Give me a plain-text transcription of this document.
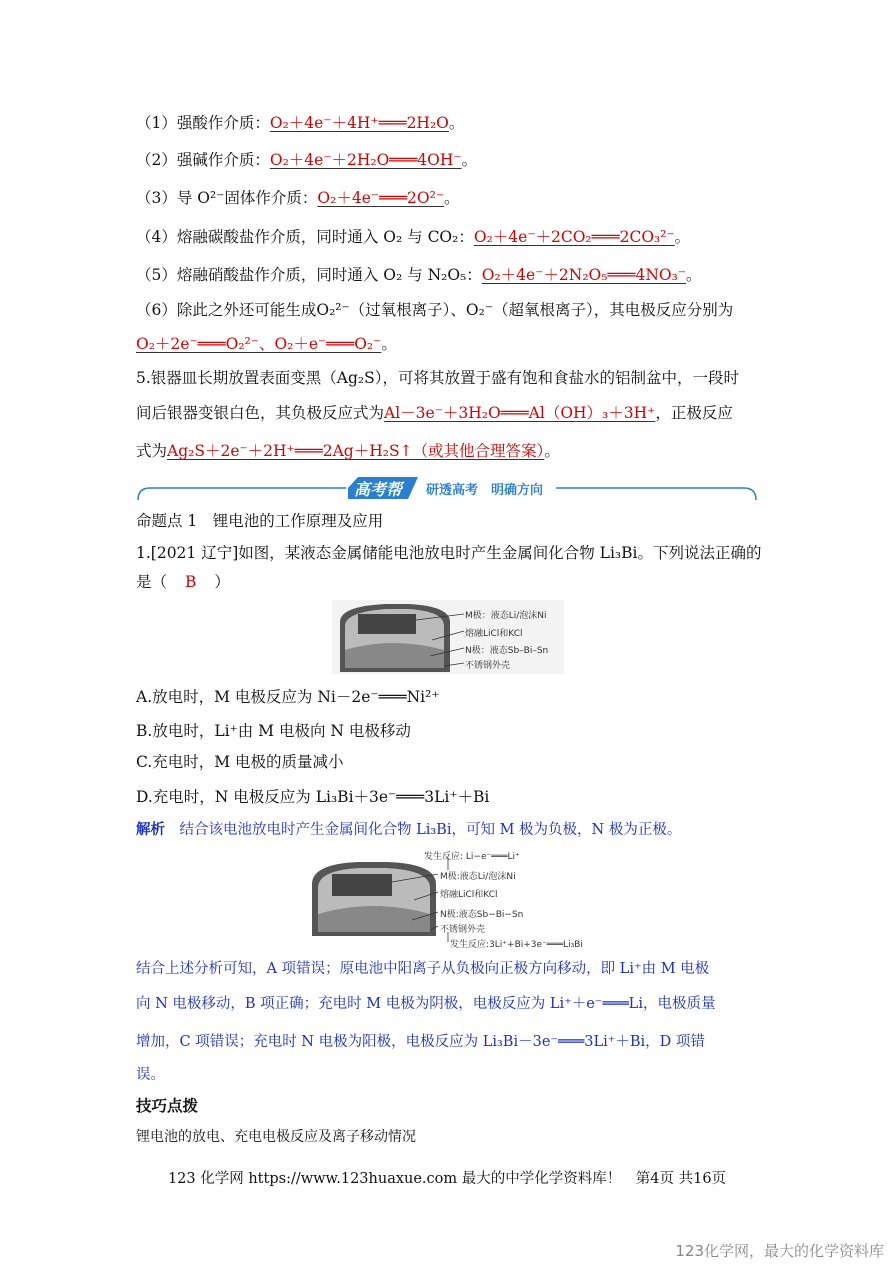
（1）强酸作介质：O₂＋4e⁻＋4H⁺═══2H₂O。
（2）强碱作介质：O₂＋4e⁻＋2H₂O═══4OH⁻。
（3）导 O²⁻固体作介质：O₂＋4e⁻═══2O²⁻。
（4）熔融碳酸盐作介质，同时通入 O₂ 与 CO₂：O₂＋4e⁻＋2CO₂═══2CO₃²⁻。
（5）熔融硝酸盐作介质，同时通入 O₂ 与 N₂O₅：O₂＋4e⁻＋2N₂O₅═══4NO₃⁻。
（6）除此之外还可能生成O₂²⁻（过氧根离子）、O₂⁻（超氧根离子），其电极反应分别为
O₂＋2e⁻═══O₂²⁻、O₂＋e⁻═══O₂⁻。
5.银器皿长期放置表面变黑（Ag₂S），可将其放置于盛有饱和食盐水的铝制盆中，一段时
间后银器变银白色，其负极反应式为Al－3e⁻＋3H₂O═══Al（OH）₃＋3H⁺，正极反应
式为Ag₂S＋2e⁻＋2H⁺═══2Ag＋H₂S↑（或其他合理答案）。
高考帮 研透高考　明确方向
命题点 1　锂电池的工作原理及应用
1.[2021 辽宁]如图，某液态金属储能电池放电时产生金属间化合物 Li₃Bi。下列说法正确的
是（ B ）
M极：液态Li/泡沫Ni
熔融LiCl和KCl
N极：液态Sb–Bi–Sn
不锈钢外壳
A.放电时，M 电极反应为 Ni－2e⁻═══Ni²⁺
B.放电时，Li⁺由 M 电极向 N 电极移动
C.充电时，M 电极的质量减小
D.充电时，N 电极反应为 Li₃Bi＋3e⁻═══3Li⁺＋Bi
解析　 结合该电池放电时产生金属间化合物 Li₃Bi，可知 M 极为负极，N 极为正极。
发生反应: Li−e⁻═══Li⁺
M极:液态Li/泡沫Ni
熔融LiCl和KCl
N极:液态Sb−Bi−Sn
不锈钢外壳
发生反应:3Li⁺+Bi+3e⁻═══Li₃Bi
结合上述分析可知，A 项错误；原电池中阳离子从负极向正极方向移动，即 Li⁺由 M 电极
向 N 电极移动，B 项正确；充电时 M 电极为阴极，电极反应为 Li⁺＋e⁻═══Li，电极质量
增加，C 项错误；充电时 N 电极为阳极，电极反应为 Li₃Bi－3e⁻═══3Li⁺＋Bi，D 项错
误。
技巧点拨
锂电池的放电、充电电极反应及离子移动情况
123 化学网 https://www.123huaxue.com 最大的中学化学资料库！　第4页 共16页
123化学网，最大的化学资料库
